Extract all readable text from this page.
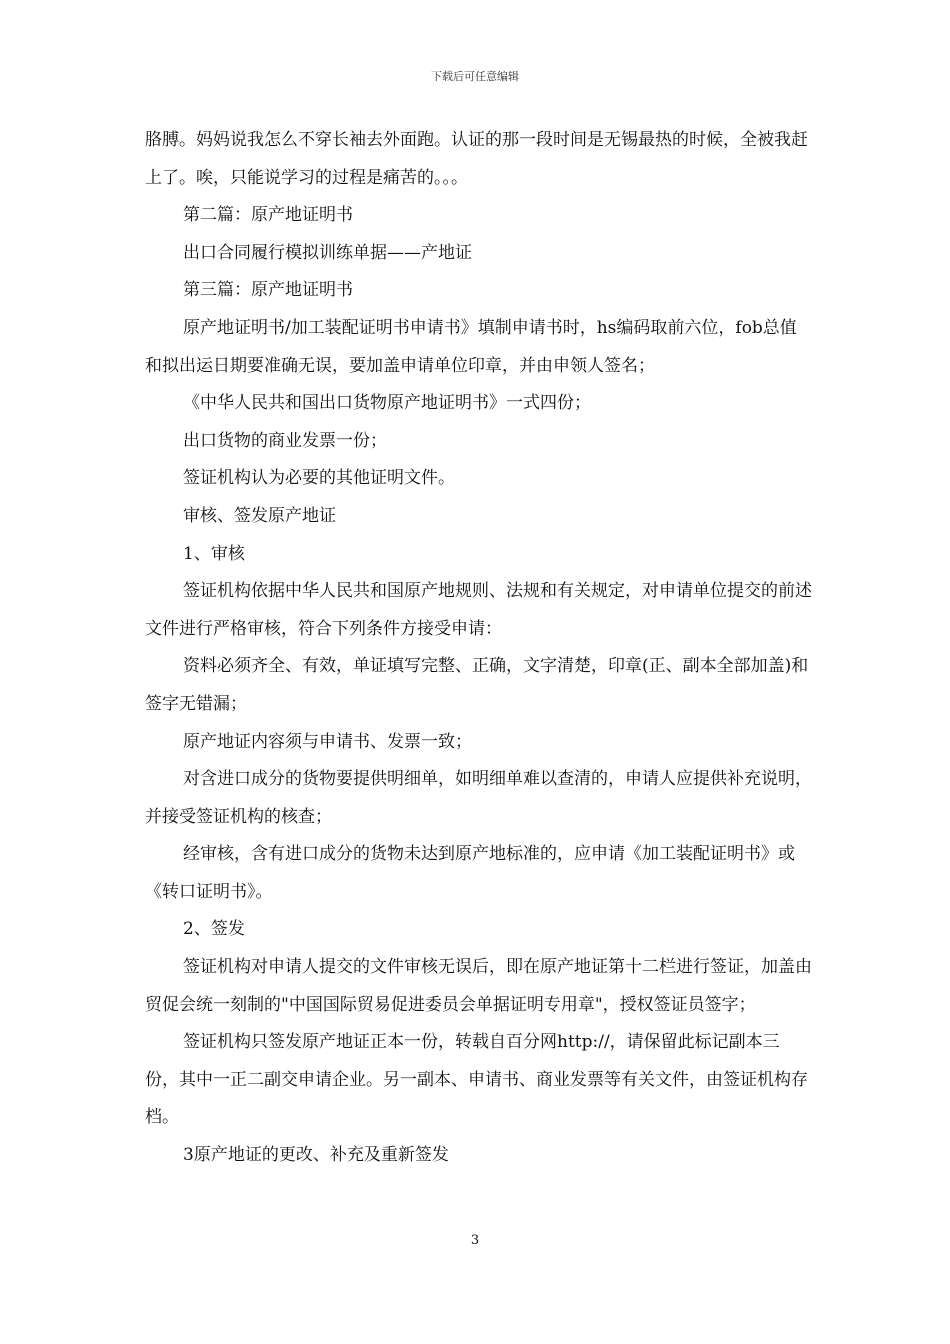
下载后可任意编辑

胳膊。妈妈说我怎么不穿长袖去外面跑。认证的那一段时间是无锡最热的时候，全被我赶上了。唉，只能说学习的过程是痛苦的。。。

第二篇：原产地证明书

出口合同履行模拟训练单据——产地证

第三篇：原产地证明书

原产地证明书/加工装配证明书申请书》填制申请书时，hs编码取前六位，fob总值和拟出运日期要准确无误，要加盖申请单位印章，并由申领人签名；

《中华人民共和国出口货物原产地证明书》一式四份；

出口货物的商业发票一份；

签证机构认为必要的其他证明文件。

审核、签发原产地证

1、审核

签证机构依据中华人民共和国原产地规则、法规和有关规定，对申请单位提交的前述文件进行严格审核，符合下列条件方接受申请：

资料必须齐全、有效，单证填写完整、正确，文字清楚，印章(正、副本全部加盖)和签字无错漏；

原产地证内容须与申请书、发票一致；

对含进口成分的货物要提供明细单，如明细单难以查清的，申请人应提供补充说明，并接受签证机构的核查；

经审核，含有进口成分的货物未达到原产地标准的，应申请《加工装配证明书》或《转口证明书》。

2、签发

签证机构对申请人提交的文件审核无误后，即在原产地证第十二栏进行签证，加盖由贸促会统一刻制的"中国国际贸易促进委员会单据证明专用章"，授权签证员签字；

签证机构只签发原产地证正本一份，转载自百分网http://，请保留此标记副本三份，其中一正二副交申请企业。另一副本、申请书、商业发票等有关文件，由签证机构存档。

3原产地证的更改、补充及重新签发

3
